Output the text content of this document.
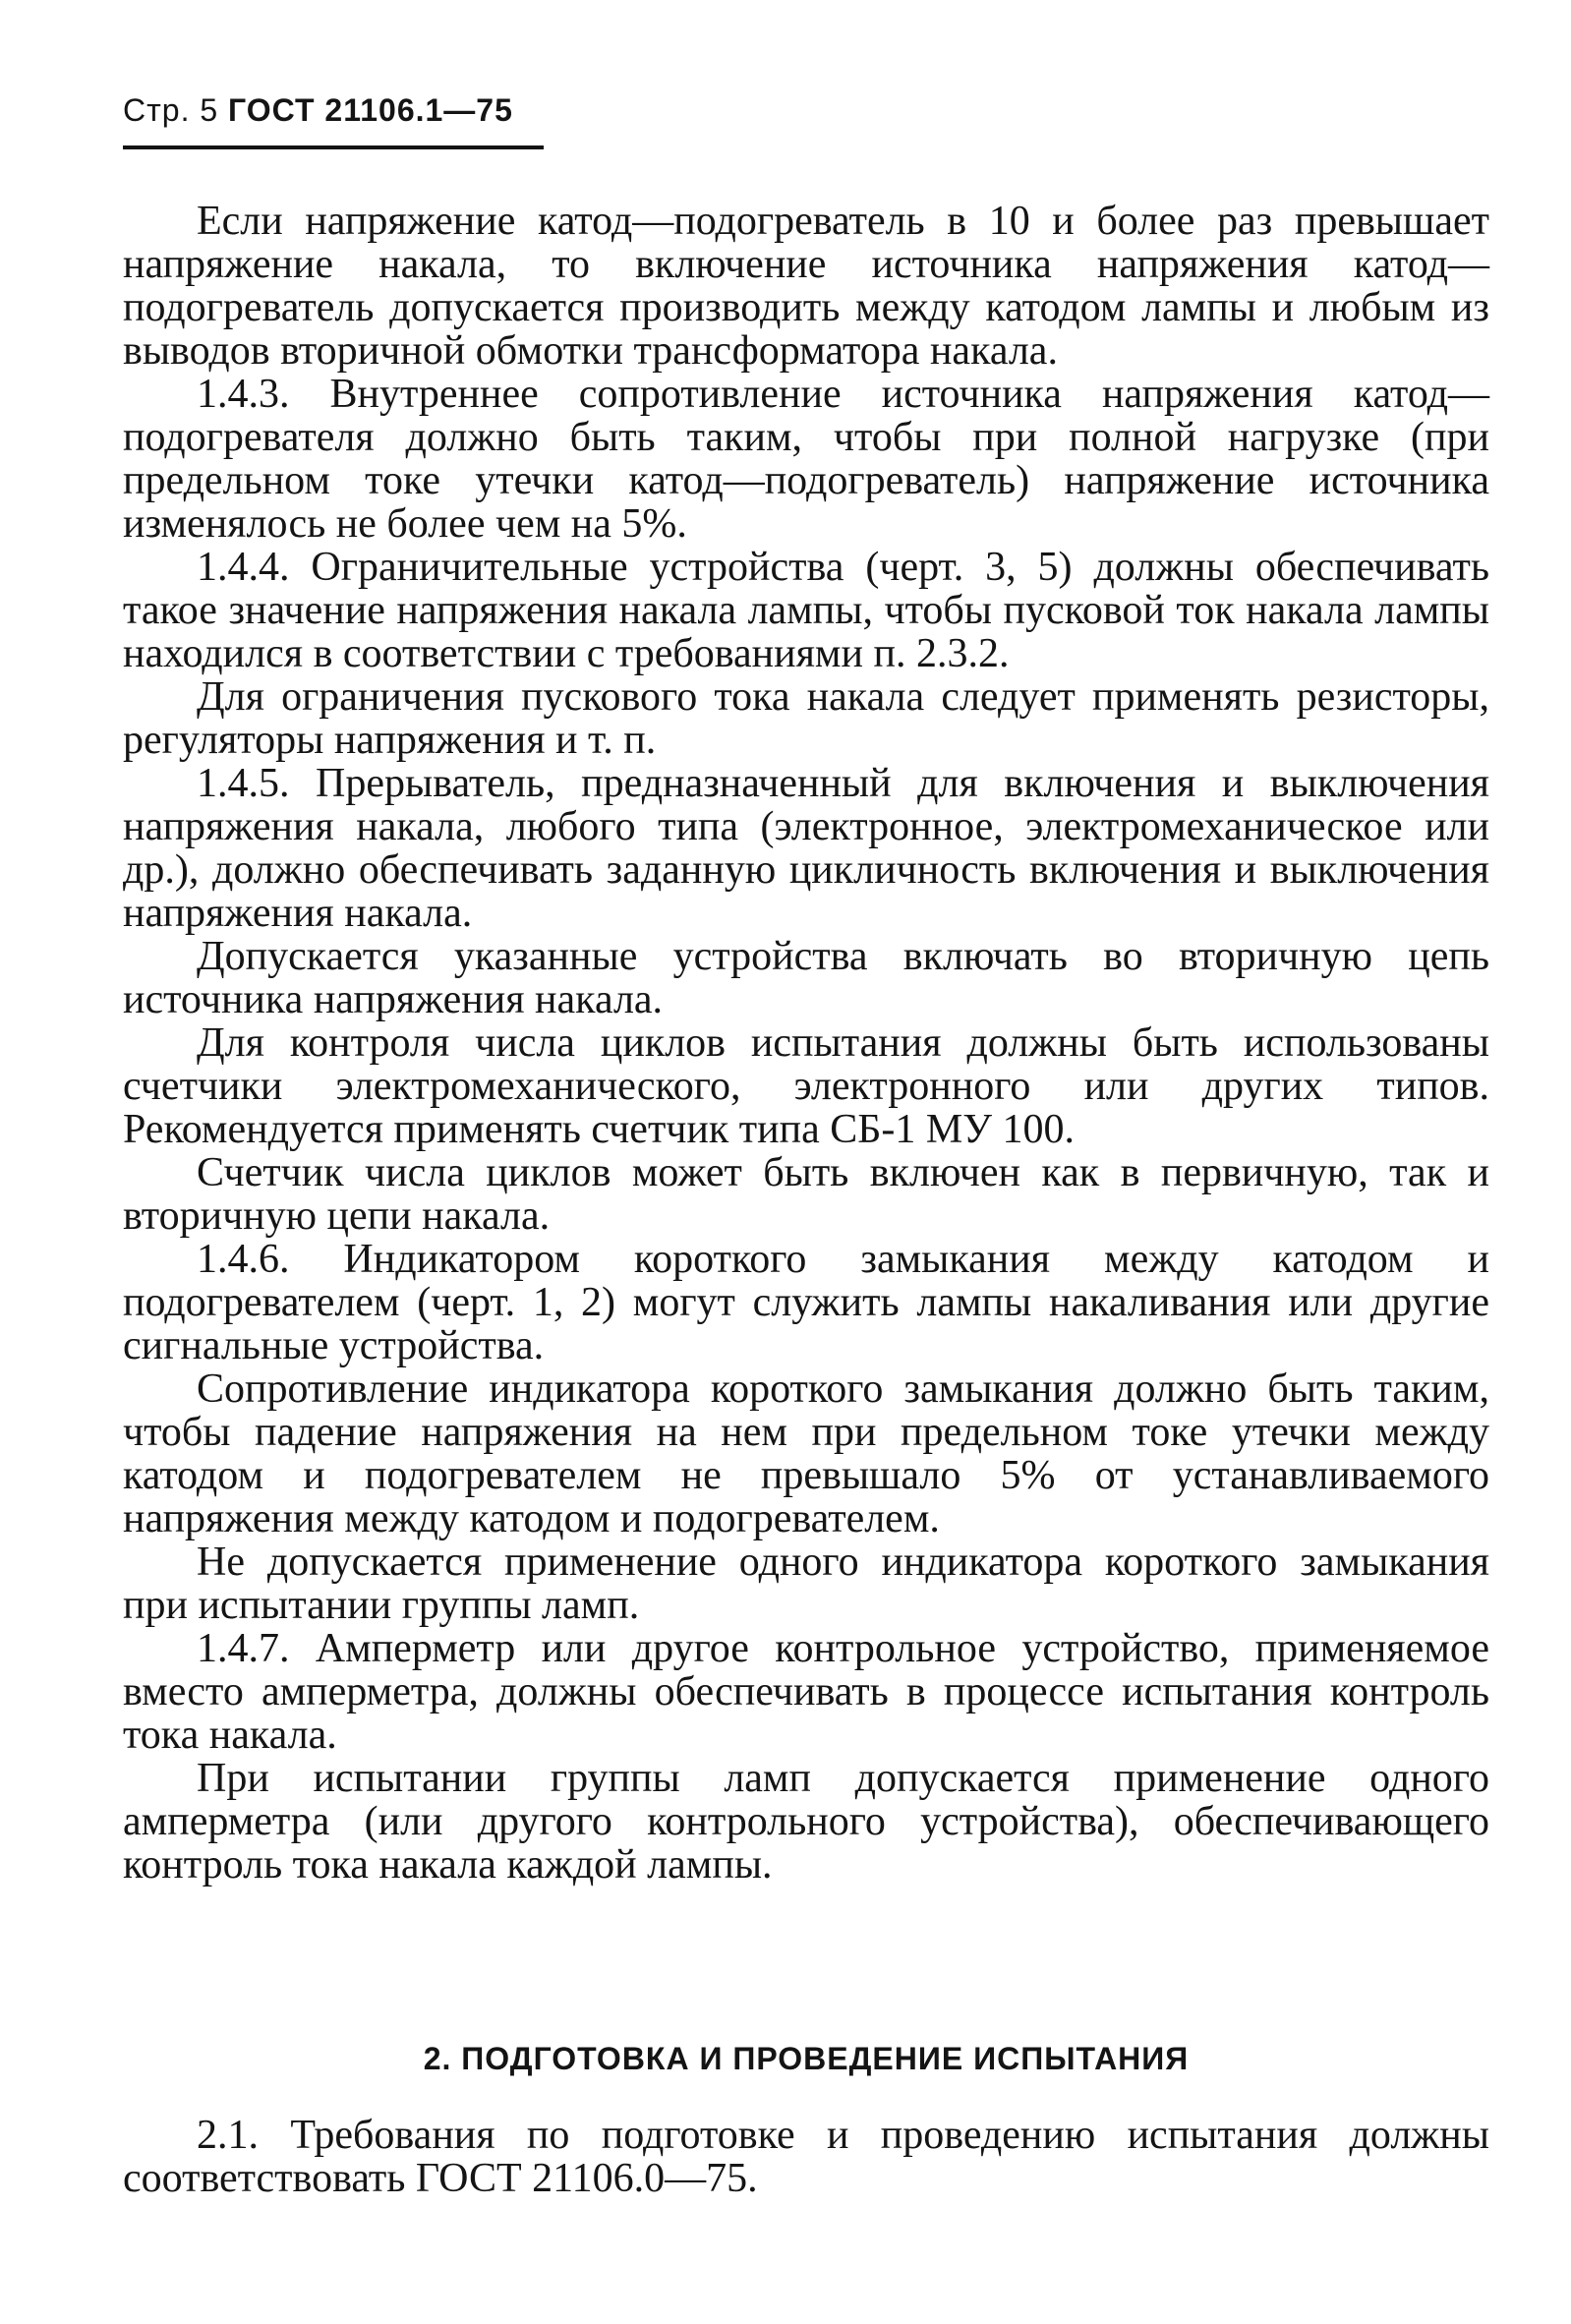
Стр. 5 ГОСТ 21106.1—75

Если напряжение катод—подогреватель в 10 и более раз превышает напряжение накала, то включение источника напряжения катод—подогреватель допускается производить между катодом лампы и любым из выводов вторичной обмотки трансформатора накала.

1.4.3. Внутреннее сопротивление источника напряжения катод—подогревателя должно быть таким, чтобы при полной нагрузке (при предельном токе утечки катод—подогреватель) напряжение источника изменялось не более чем на 5%.

1.4.4. Ограничительные устройства (черт. 3, 5) должны обеспечивать такое значение напряжения накала лампы, чтобы пусковой ток накала лампы находился в соответствии с требованиями п. 2.3.2.

Для ограничения пускового тока накала следует применять резисторы, регуляторы напряжения и т. п.

1.4.5. Прерыватель, предназначенный для включения и выключения напряжения накала, любого типа (электронное, электромеханическое или др.), должно обеспечивать заданную цикличность включения и выключения напряжения накала.

Допускается указанные устройства включать во вторичную цепь источника напряжения накала.

Для контроля числа циклов испытания должны быть использованы счетчики электромеханического, электронного или других типов. Рекомендуется применять счетчик типа СБ-1 МУ 100.

Счетчик числа циклов может быть включен как в первичную, так и вторичную цепи накала.

1.4.6. Индикатором короткого замыкания между катодом и подогревателем (черт. 1, 2) могут служить лампы накаливания или другие сигнальные устройства.

Сопротивление индикатора короткого замыкания должно быть таким, чтобы падение напряжения на нем при предельном токе утечки между катодом и подогревателем не превышало 5% от устанавливаемого напряжения между катодом и подогревателем.

Не допускается применение одного индикатора короткого замыкания при испытании группы ламп.

1.4.7. Амперметр или другое контрольное устройство, применяемое вместо амперметра, должны обеспечивать в процессе испытания контроль тока накала.

При испытании группы ламп допускается применение одного амперметра (или другого контрольного устройства), обеспечивающего контроль тока накала каждой лампы.

2. ПОДГОТОВКА И ПРОВЕДЕНИЕ ИСПЫТАНИЯ

2.1. Требования по подготовке и проведению испытания должны соответствовать ГОСТ 21106.0—75.
